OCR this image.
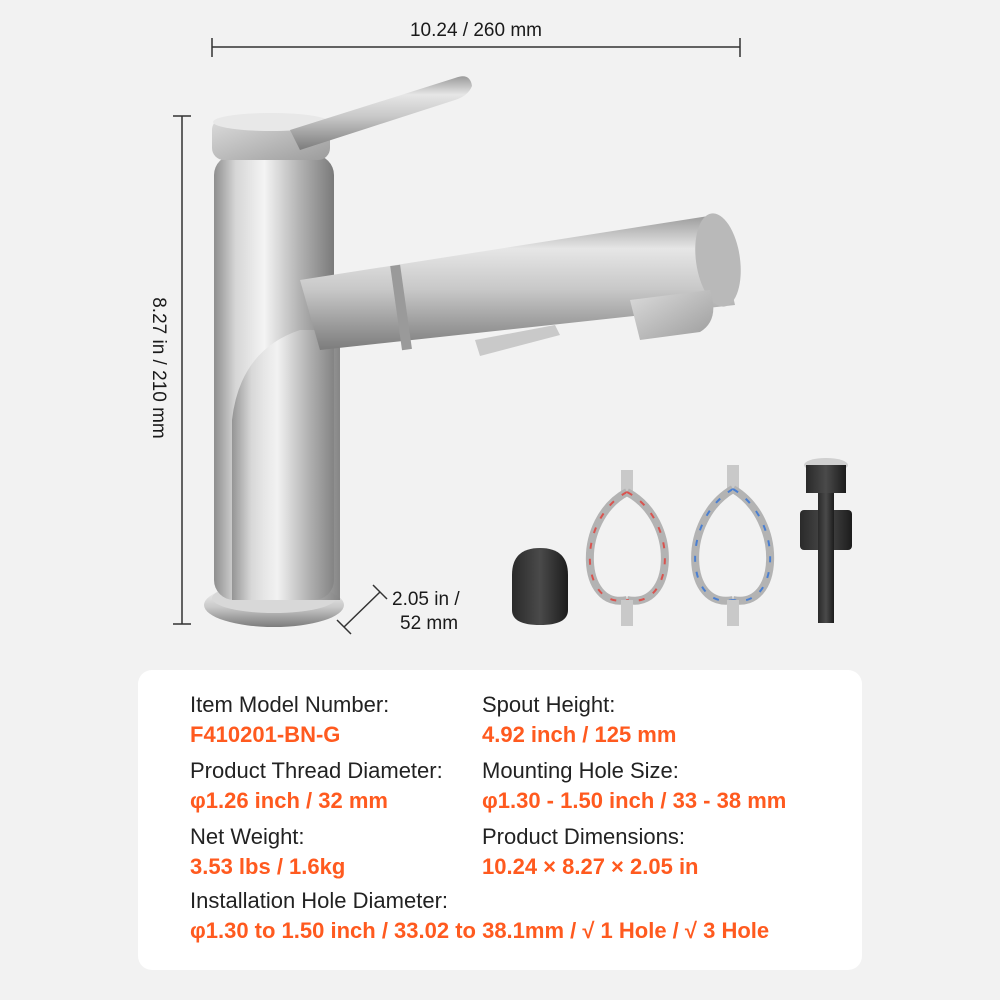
10.24 / 260 mm
8.27 in / 210 mm
2.05 in /
52 mm
Item Model Number:
F410201-BN-G
Spout Height:
4.92 inch / 125 mm
Product Thread Diameter:
φ1.26 inch / 32 mm
Mounting Hole Size:
φ1.30 - 1.50 inch / 33 - 38 mm
Net Weight:
3.53 lbs / 1.6kg
Product Dimensions:
10.24 × 8.27 × 2.05 in
Installation Hole Diameter:
φ1.30 to 1.50 inch / 33.02 to 38.1mm / √ 1 Hole / √ 3 Hole
